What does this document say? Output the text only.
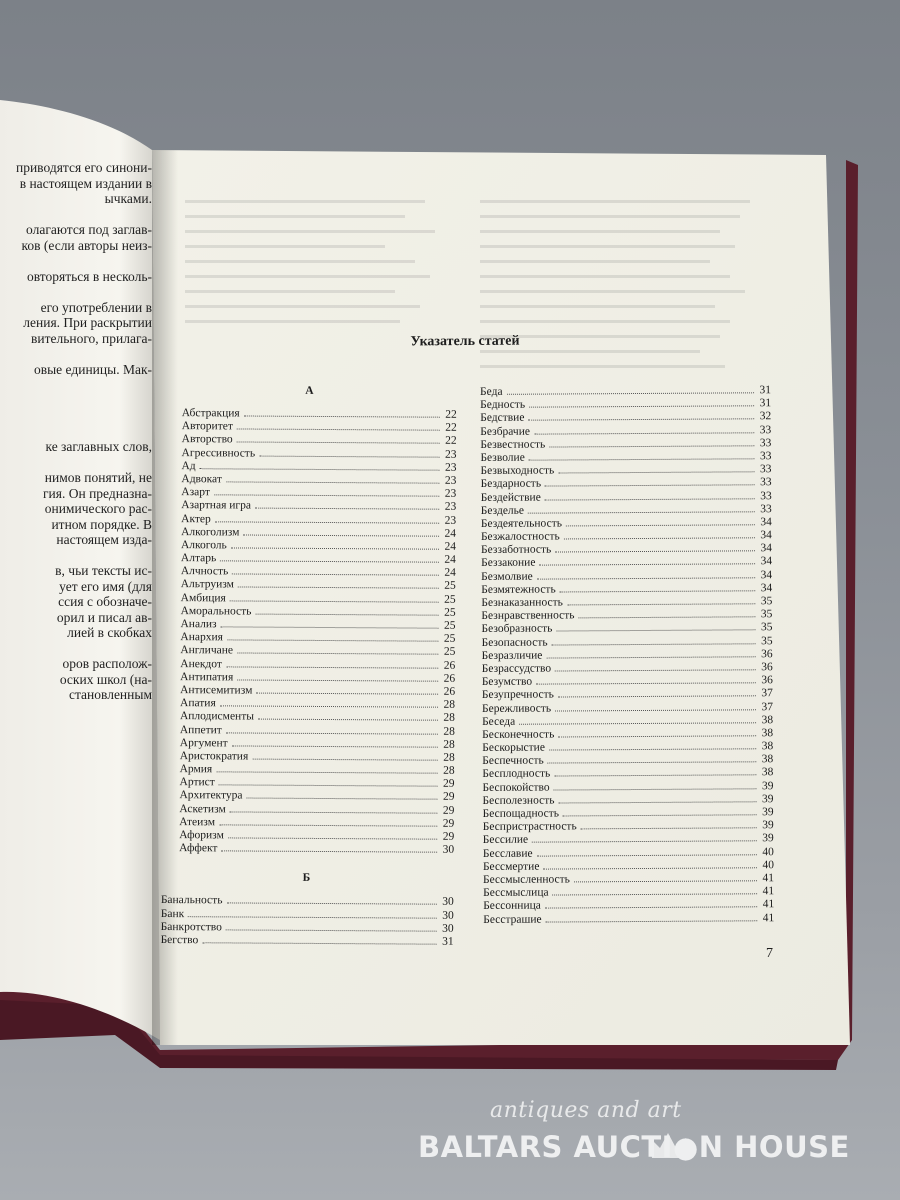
приводятся его синони-
в настоящем издании в
ычками.
олагаются под заглав-
ков (если авторы неиз-
овторяться в несколь-
его употреблении в
ления. При раскрытии
вительного, прилага-
овые единицы. Мак-
ке заглавных слов,
нимов понятий, не
гия. Он предназна-
онимического рас-
итном порядке. В
настоящем изда-
в, чьи тексты ис-
ует его имя (для
ссия с обозначе-
орил и писал ав-
лией в скобках
оров располож-
оских школ (на-
становленным
Указатель статей
А
Абстракция	22
Авторитет	22
Авторство	22
Агрессивность	23
Ад	23
Адвокат	23
Азарт	23
Азартная игра	23
Актер	23
Алкоголизм	24
Алкоголь	24
Алтарь	24
Алчность	24
Альтруизм	25
Амбиция	25
Аморальность	25
Анализ	25
Анархия	25
Англичане	25
Анекдот	26
Антипатия	26
Антисемитизм	26
Апатия	28
Аплодисменты	28
Аппетит	28
Аргумент	28
Аристократия	28
Армия	28
Артист	29
Архитектура	29
Аскетизм	29
Атеизм	29
Афоризм	29
Аффект	30
Б
Банальность	30
Банк	30
Банкротство	30
Бегство	31
Беда	31
Бедность	31
Бедствие	32
Безбрачие	33
Безвестность	33
Безволие	33
Безвыходность	33
Бездарность	33
Бездействие	33
Безделье	33
Бездеятельность	34
Безжалостность	34
Беззаботность	34
Беззаконие	34
Безмолвие	34
Безмятежность	34
Безнаказанность	35
Безнравственность	35
Безобразность	35
Безопасность	35
Безразличие	36
Безрассудство	36
Безумство	36
Безупречность	37
Бережливость	37
Беседа	38
Бесконечность	38
Бескорыстие	38
Беспечность	38
Бесплодность	38
Беспокойство	39
Бесполезность	39
Беспощадность	39
Беспристрастность	39
Бессилие	39
Бесславие	40
Бессмертие	40
Бессмысленность	41
Бессмыслица	41
Бессонница	41
Бесстрашие	41
7
antiques and art
BALTARS AUCTI●N HOUSE
